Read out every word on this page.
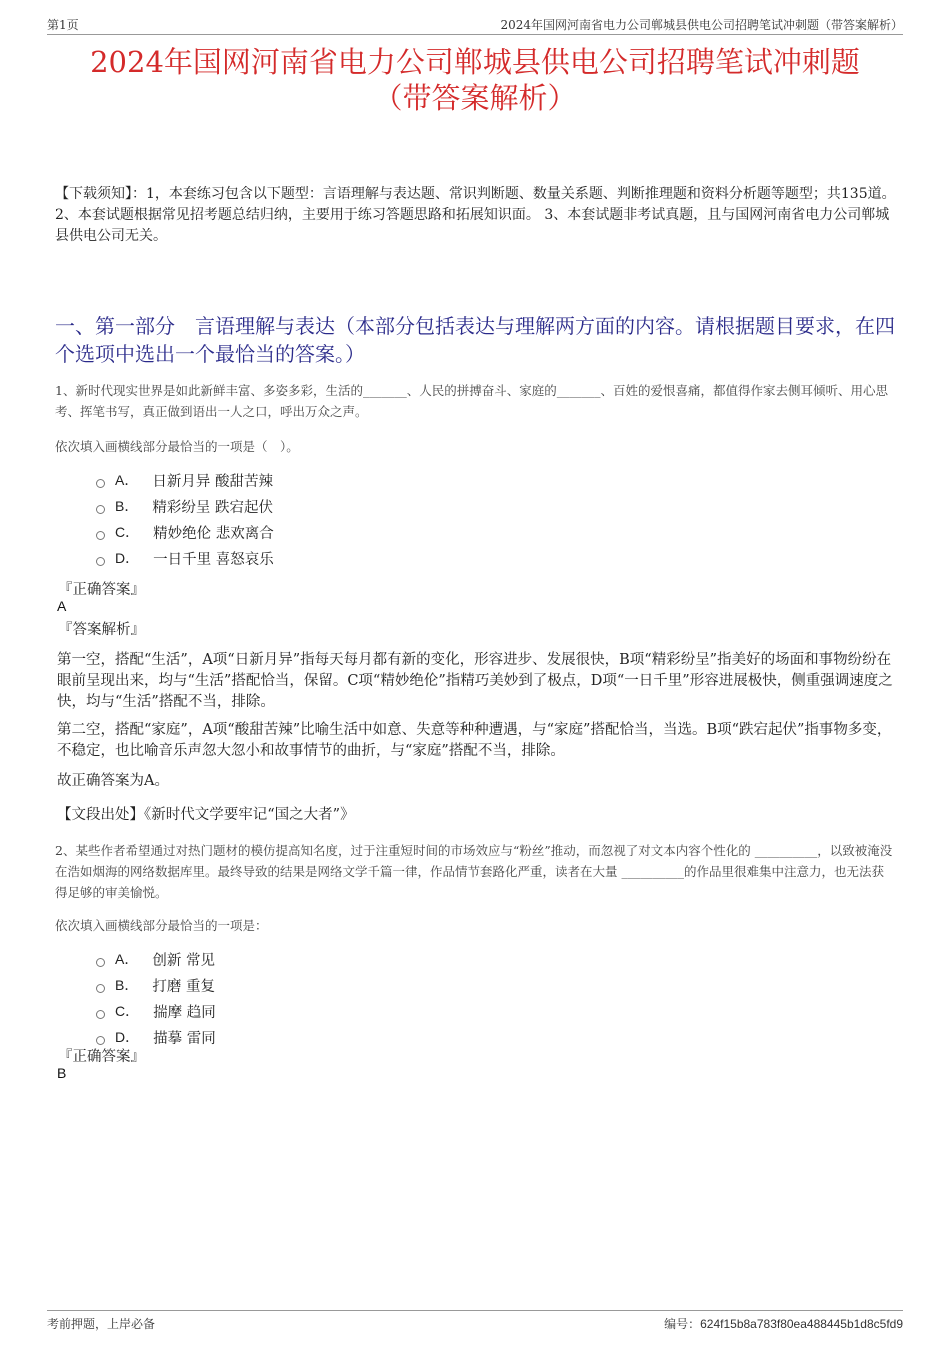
第1页	2024年国网河南省电力公司郸城县供电公司招聘笔试冲刺题（带答案解析）
2024年国网河南省电力公司郸城县供电公司招聘笔试冲刺题
（带答案解析）
【下载须知】：1，本套练习包含以下题型：言语理解与表达题、常识判断题、数量关系题、判断推理题和资料分析题等题型；共135道。 2、本套试题根据常见招考题总结归纳，主要用于练习答题思路和拓展知识面。 3、本套试题非考试真题，且与国网河南省电力公司郸城县供电公司无关。
一、第一部分　言语理解与表达（本部分包括表达与理解两方面的内容。请根据题目要求，在四个选项中选出一个最恰当的答案。）
1、新时代现实世界是如此新鲜丰富、多姿多彩，生活的_______、人民的拼搏奋斗、家庭的_______、百姓的爱恨喜痛，都值得作家去侧耳倾听、用心思考、挥笔书写，真正做到语出一人之口，呼出万众之声。
依次填入画横线部分最恰当的一项是（　）。
A． 日新月异 酸甜苦辣
B． 精彩纷呈 跌宕起伏
C． 精妙绝伦 悲欢离合
D． 一日千里 喜怒哀乐
『正确答案』
A
『答案解析』
第一空，搭配“生活”，A项“日新月异”指每天每月都有新的变化，形容进步、发展很快，B项“精彩纷呈”指美好的场面和事物纷纷在眼前呈现出来，均与“生活”搭配恰当，保留。C项“精妙绝伦”指精巧美妙到了极点，D项“一日千里”形容进展极快，侧重强调速度之快，均与“生活”搭配不当，排除。
第二空，搭配“家庭”，A项“酸甜苦辣”比喻生活中如意、失意等种种遭遇，与“家庭”搭配恰当，当选。B项“跌宕起伏”指事物多变，不稳定，也比喻音乐声忽大忽小和故事情节的曲折，与“家庭”搭配不当，排除。
故正确答案为A。
【文段出处】《新时代文学要牢记“国之大者”》
2、某些作者希望通过对热门题材的模仿提高知名度，过于注重短时间的市场效应与“粉丝”推动，而忽视了对文本内容个性化的 __________，以致被淹没在浩如烟海的网络数据库里。最终导致的结果是网络文学千篇一律，作品情节套路化严重，读者在大量 __________的作品里很难集中注意力，也无法获得足够的审美愉悦。
依次填入画横线部分最恰当的一项是：
A． 创新 常见
B． 打磨 重复
C． 揣摩 趋同
D． 描摹 雷同
『正确答案』
B
考前押题，上岸必备	编号：624f15b8a783f80ea488445b1d8c5fd9
